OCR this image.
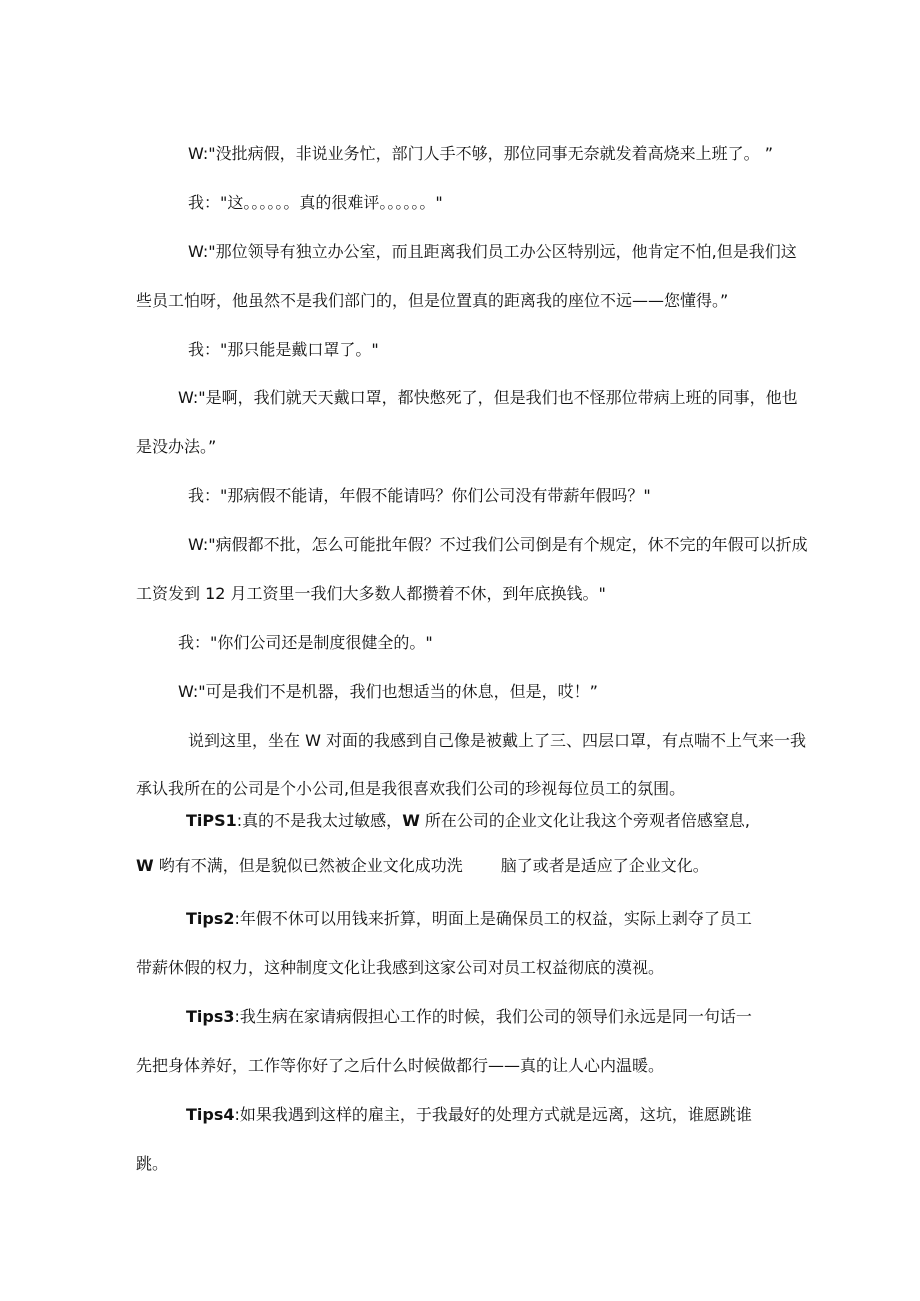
W:"没批病假，非说业务忙，部门人手不够，那位同事无奈就发着高烧来上班了。 ”
我："这。。。。。。真的很难评。。。。。。"
W:"那位领导有独立办公室，而且距离我们员工办公区特别远，他肯定不怕,但是我们这
些员工怕呀，他虽然不是我们部门的，但是位置真的距离我的座位不远——您懂得。”
我："那只能是戴口罩了。"
W:"是啊，我们就天天戴口罩，都快憋死了，但是我们也不怪那位带病上班的同事，他也
是没办法。”
我："那病假不能请，年假不能请吗？你们公司没有带薪年假吗？"
W:"病假都不批，怎么可能批年假？不过我们公司倒是有个规定，休不完的年假可以折成
工资发到 12 月工资里一我们大多数人都攒着不休，到年底换钱。"
我："你们公司还是制度很健全的。"
W:"可是我们不是机器，我们也想适当的休息，但是，哎！”
说到这里，坐在 W 对面的我感到自己像是被戴上了三、四层口罩，有点喘不上气来一我
承认我所在的公司是个小公司,但是我很喜欢我们公司的珍视每位员工的氛围。
TiPS1:真的不是我太过敏感，W 所在公司的企业文化让我这个旁观者倍感窒息,
W 哟有不满，但是貌似已然被企业文化成功洗 脑了或者是适应了企业文化。
Tips2:年假不休可以用钱来折算，明面上是确保员工的权益，实际上剥夺了员工
带薪休假的权力，这种制度文化让我感到这家公司对员工权益彻底的漠视。
Tips3:我生病在家请病假担心工作的时候，我们公司的领导们永远是同一句话一
先把身体养好，工作等你好了之后什么时候做都行——真的让人心内温暖。
Tips4:如果我遇到这样的雇主，于我最好的处理方式就是远离，这坑，谁愿跳谁
跳。
